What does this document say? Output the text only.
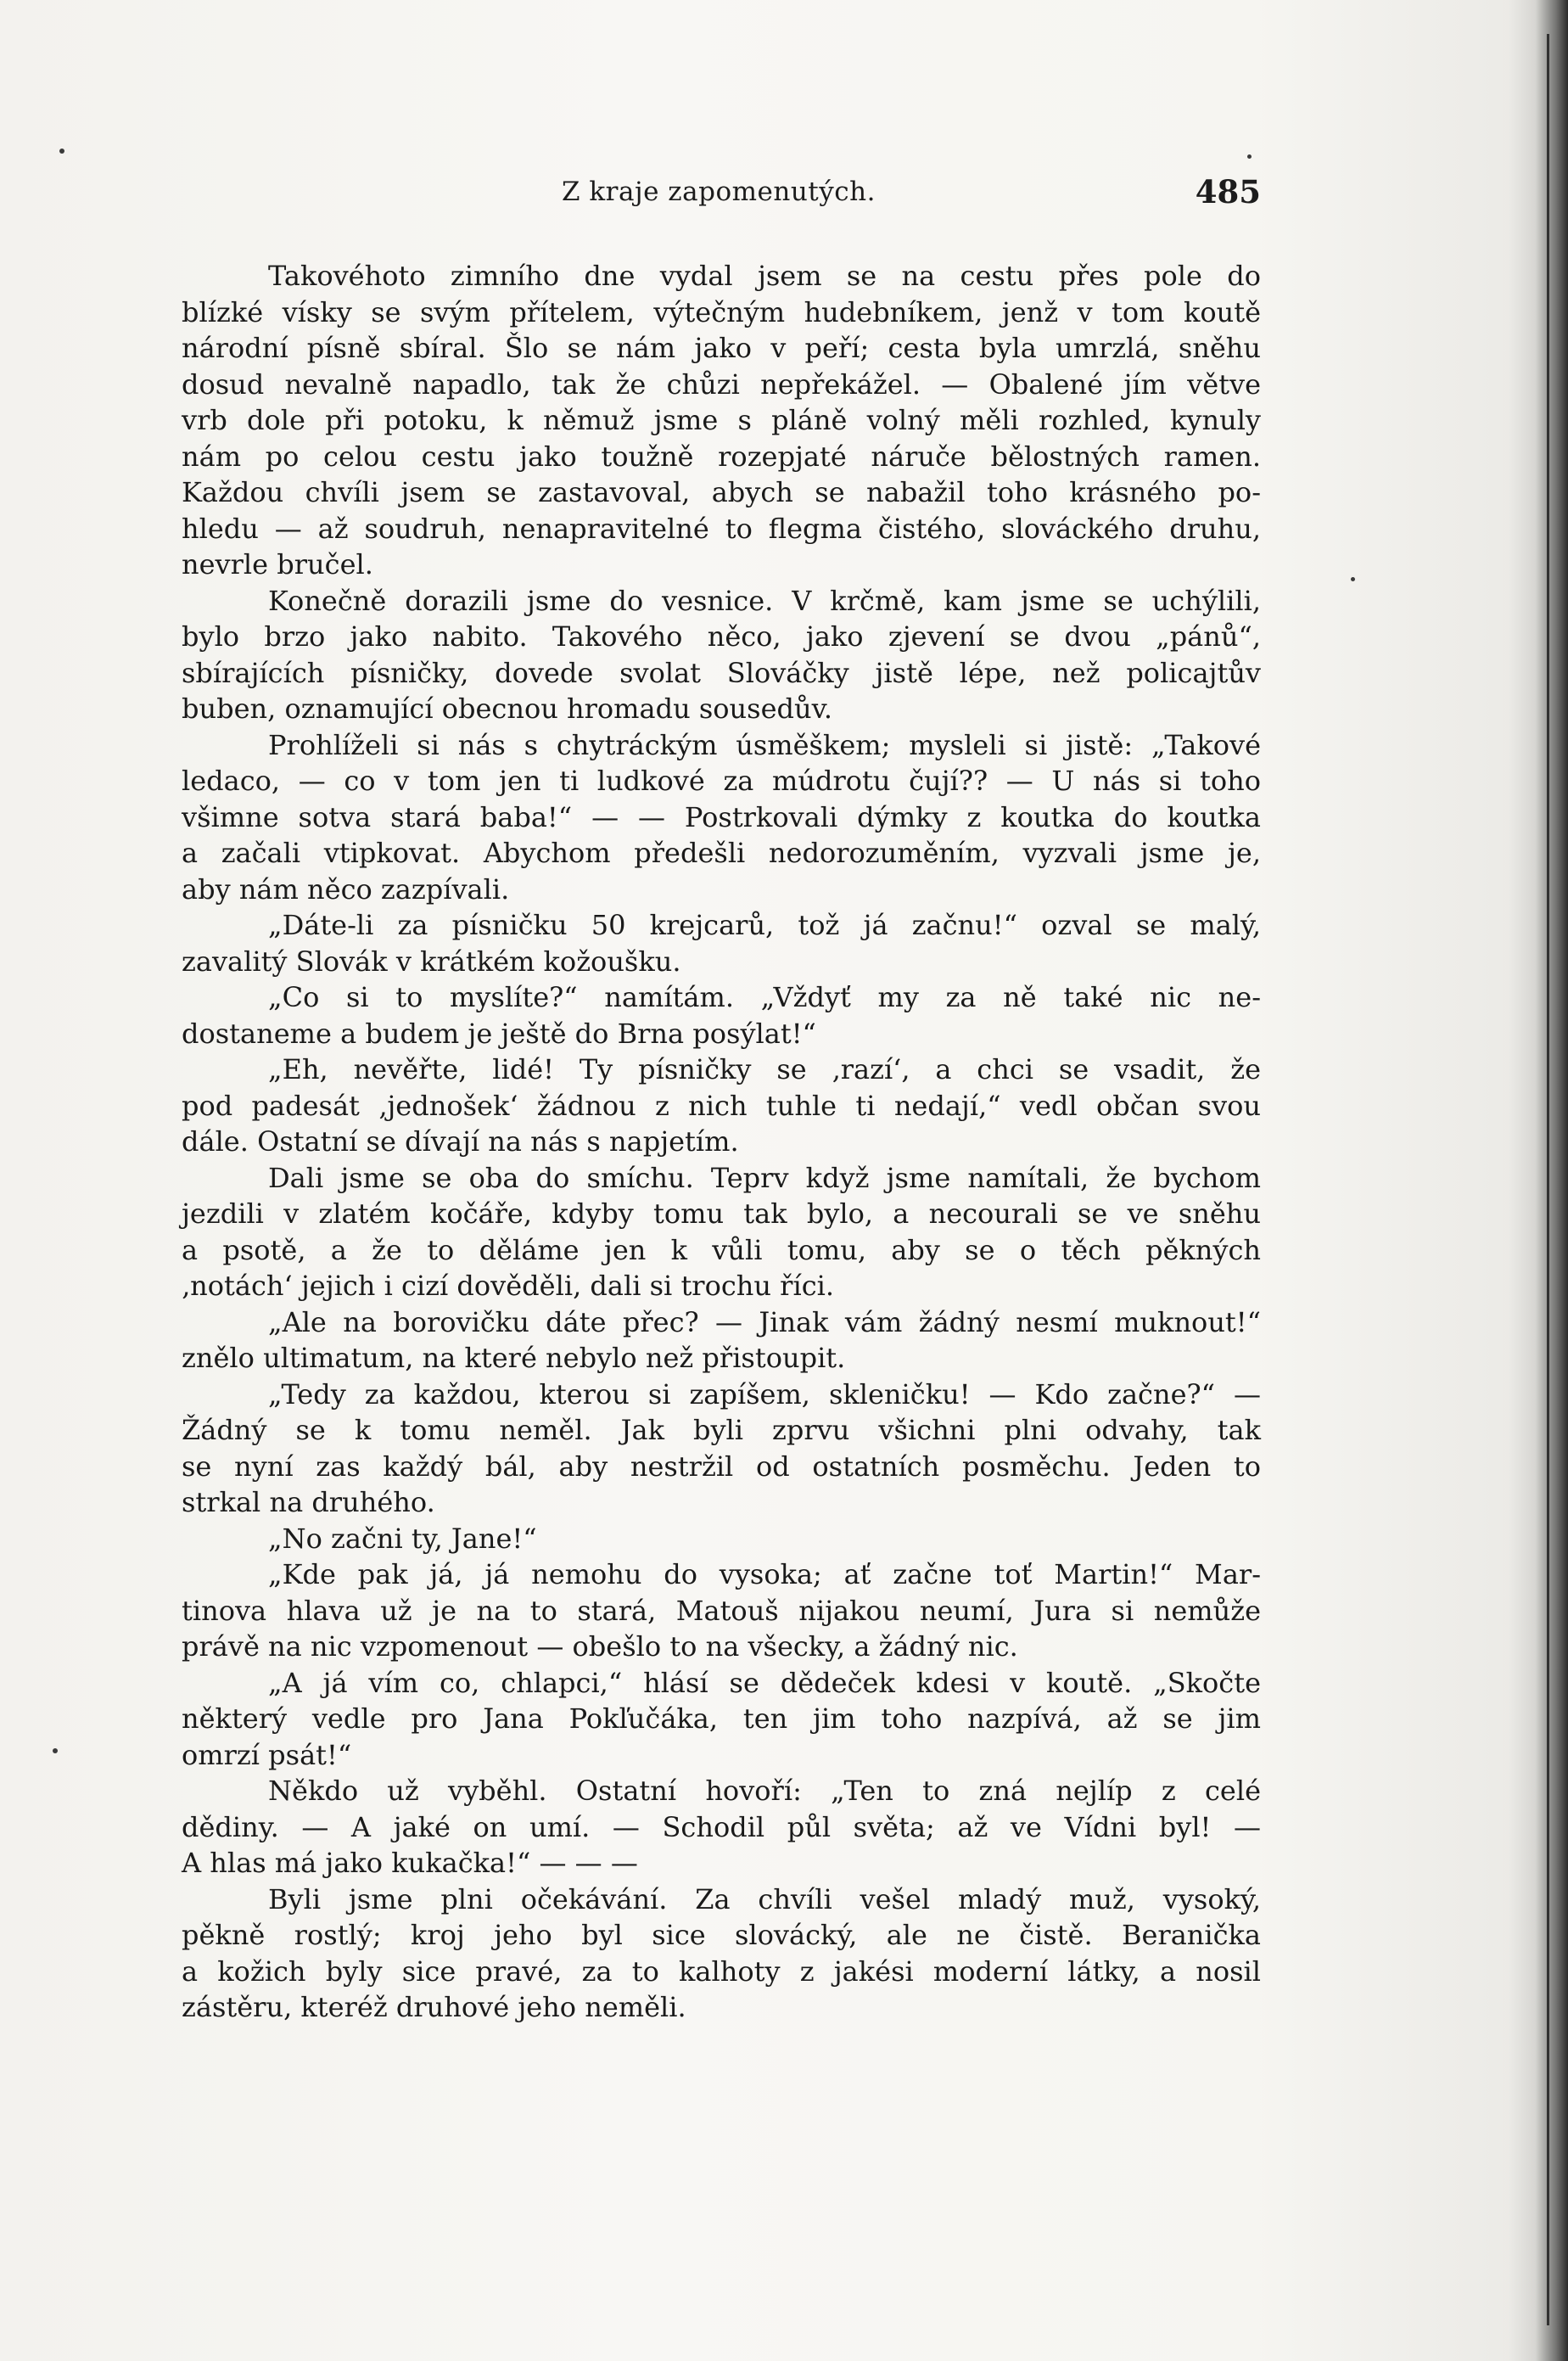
Z kraje zapomenutých.	485
Takovéhoto zimního dne vydal jsem se na cestu přes pole do
blízké vísky se svým přítelem, výtečným hudebníkem, jenž v tom koutě
národní písně sbíral. Šlo se nám jako v peří; cesta byla umrzlá, sněhu
dosud nevalně napadlo, tak že chůzi nepřekážel. — Obalené jím větve
vrb dole při potoku, k němuž jsme s pláně volný měli rozhled, kynuly
nám po celou cestu jako toužně rozepjaté náruče bělostných ramen.
Každou chvíli jsem se zastavoval, abych se nabažil toho krásného po-
hledu — až soudruh, nenapravitelné to flegma čistého, slováckého druhu,
nevrle bručel.
Konečně dorazili jsme do vesnice. V krčmě, kam jsme se uchýlili,
bylo brzo jako nabito. Takového něco, jako zjevení se dvou „pánů“,
sbírajících písničky, dovede svolat Slováčky jistě lépe, než policajtův
buben, oznamující obecnou hromadu sousedův.
Prohlíželi si nás s chytráckým úsměškem; mysleli si jistě: „Takové
ledaco, — co v tom jen ti ludkové za múdrotu čují?? — U nás si toho
všimne sotva stará baba!“ — — Postrkovali dýmky z koutka do koutka
a začali vtipkovat. Abychom předešli nedorozuměním, vyzvali jsme je,
aby nám něco zazpívali.
„Dáte-li za písničku 50 krejcarů, tož já začnu!“ ozval se malý,
zavalitý Slovák v krátkém kožoušku.
„Co si to myslíte?“ namítám. „Vždyť my za ně také nic ne-
dostaneme a budem je ještě do Brna posýlat!“
„Eh, nevěřte, lidé! Ty písničky se ‚razí‘, a chci se vsadit, že
pod padesát ‚jednošek‘ žádnou z nich tuhle ti nedají,“ vedl občan svou
dále. Ostatní se dívají na nás s napjetím.
Dali jsme se oba do smíchu. Teprv když jsme namítali, že bychom
jezdili v zlatém kočáře, kdyby tomu tak bylo, a necourali se ve sněhu
a psotě, a že to děláme jen k vůli tomu, aby se o těch pěkných
‚notách‘ jejich i cizí dověděli, dali si trochu říci.
„Ale na borovičku dáte přec? — Jinak vám žádný nesmí muknout!“
znělo ultimatum, na které nebylo než přistoupit.
„Tedy za každou, kterou si zapíšem, skleničku! — Kdo začne?“ —
Žádný se k tomu neměl. Jak byli zprvu všichni plni odvahy, tak
se nyní zas každý bál, aby nestržil od ostatních posměchu. Jeden to
strkal na druhého.
„No začni ty, Jane!“
„Kde pak já, já nemohu do vysoka; ať začne toť Martin!“ Mar-
tinova hlava už je na to stará, Matouš nijakou neumí, Jura si nemůže
právě na nic vzpomenout — obešlo to na všecky, a žádný nic.
„A já vím co, chlapci,“ hlásí se dědeček kdesi v koutě. „Skočte
některý vedle pro Jana Pokľučáka, ten jim toho nazpívá, až se jim
omrzí psát!“
Někdo už vyběhl. Ostatní hovoří: „Ten to zná nejlíp z celé
dědiny. — A jaké on umí. — Schodil půl světa; až ve Vídni byl! —
A hlas má jako kukačka!“ — — —
Byli jsme plni očekávání. Za chvíli vešel mladý muž, vysoký,
pěkně rostlý; kroj jeho byl sice slovácký, ale ne čistě. Beranička
a kožich byly sice pravé, za to kalhoty z jakési moderní látky, a nosil
zástěru, kteréž druhové jeho neměli.
